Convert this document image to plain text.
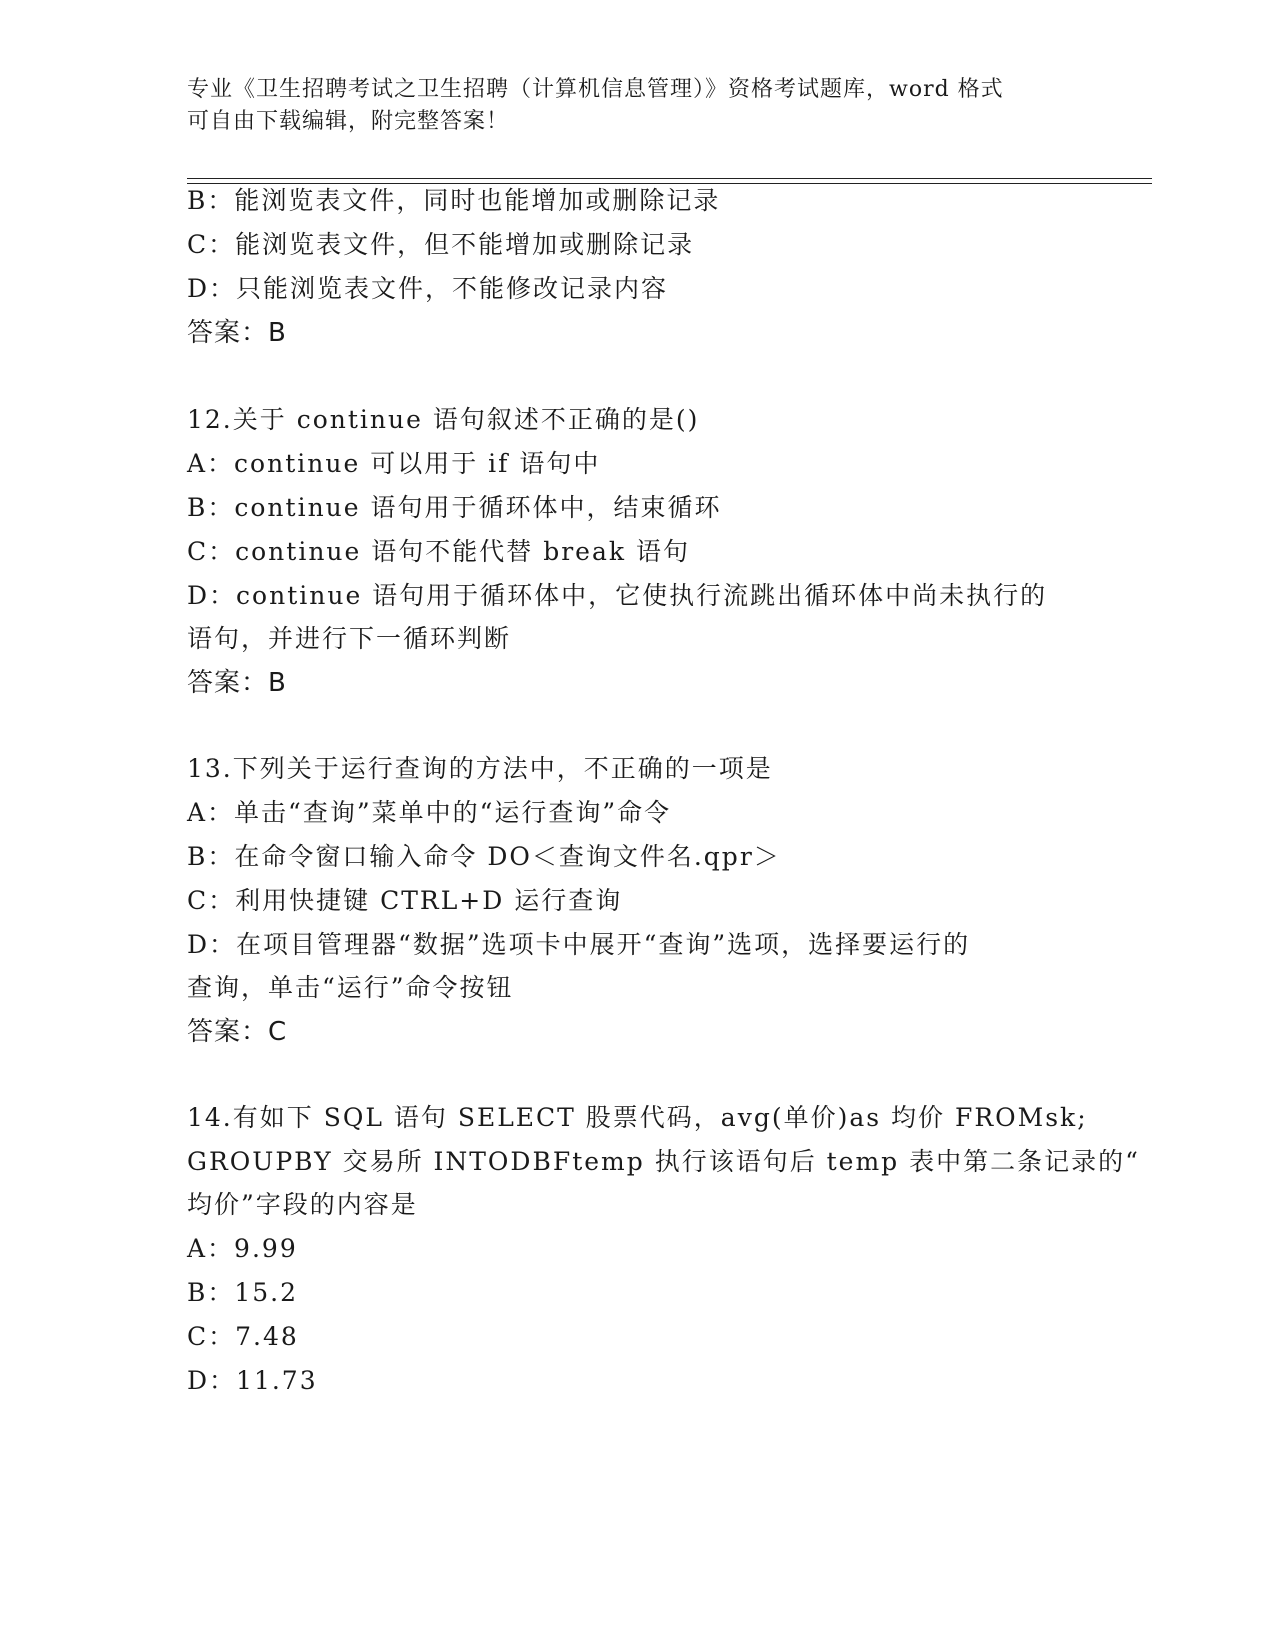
专业《卫生招聘考试之卫生招聘（计算机信息管理）》资格考试题库，word 格式
可自由下载编辑，附完整答案！
B：能浏览表文件，同时也能增加或删除记录
C：能浏览表文件，但不能增加或删除记录
D：只能浏览表文件，不能修改记录内容
答案：B
12.关于 continue 语句叙述不正确的是()
A：continue 可以用于 if 语句中
B：continue 语句用于循环体中，结束循环
C：continue 语句不能代替 break 语句
D：continue 语句用于循环体中，它使执行流跳出循环体中尚未执行的
语句，并进行下一循环判断
答案：B
13.下列关于运行查询的方法中，不正确的一项是
A：单击“查询”菜单中的“运行查询”命令
B：在命令窗口输入命令 DO＜查询文件名.qpr＞
C：利用快捷键 CTRL+D 运行查询
D：在项目管理器“数据”选项卡中展开“查询”选项，选择要运行的
查询，单击“运行”命令按钮
答案：C
14.有如下 SQL 语句 SELECT 股票代码，avg(单价)as 均价 FROMsk;
GROUPBY 交易所 INTODBFtemp 执行该语句后 temp 表中第二条记录的“
均价”字段的内容是
A：9.99
B：15.2
C：7.48
D：11.73
